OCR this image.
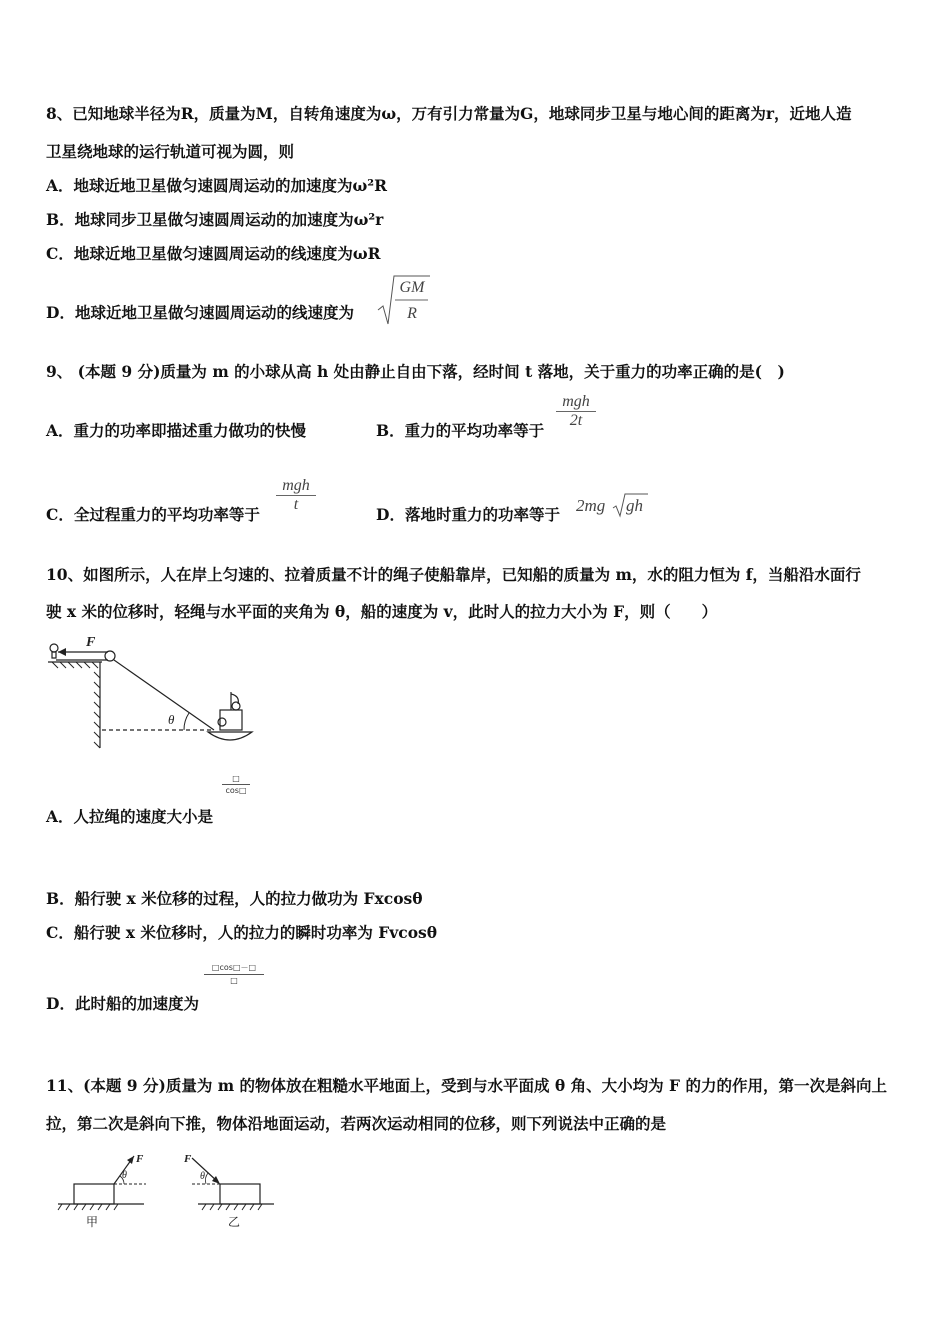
8、已知地球半径为R，质量为M，自转角速度为ω，万有引力常量为G，地球同步卫星与地心间的距离为r，近地人造
卫星绕地球的运行轨道可视为圆，则
A．地球近地卫星做匀速圆周运动的加速度为ω²R
B．地球同步卫星做匀速圆周运动的加速度为ω²r
C．地球近地卫星做匀速圆周运动的线速度为ωR
D．地球近地卫星做匀速圆周运动的线速度为
GM
R
9、 (本题 9 分)质量为 m 的小球从高 h 处由静止自由下落，经时间 t 落地，关于重力的功率正确的是(　)
A．重力的功率即描述重力做功的快慢	B．重力的平均功率等于
mgh
2t
C．全过程重力的平均功率等于
mgh
t
D．落地时重力的功率等于 2mg gh
10、如图所示，人在岸上匀速的、拉着质量不计的绳子使船靠岸，已知船的质量为 m，水的阻力恒为 f，当船沿水面行
驶 x 米的位移时，轻绳与水平面的夹角为 θ，船的速度为 v，此时人的拉力大小为 F，则（　　）
F
θ
A．人拉绳的速度大小是
□
cos□
B．船行驶 x 米位移的过程，人的拉力做功为 Fxcosθ
C．船行驶 x 米位移时，人的拉力的瞬时功率为 Fvcosθ
D．此时船的加速度为
□cos□－□
□
11、(本题 9 分)质量为 m 的物体放在粗糙水平地面上，受到与水平面成 θ 角、大小均为 F 的力的作用，第一次是斜向上
拉，第二次是斜向下推，物体沿地面运动，若两次运动相同的位移，则下列说法中正确的是
F
θ
甲
F
θ
乙
